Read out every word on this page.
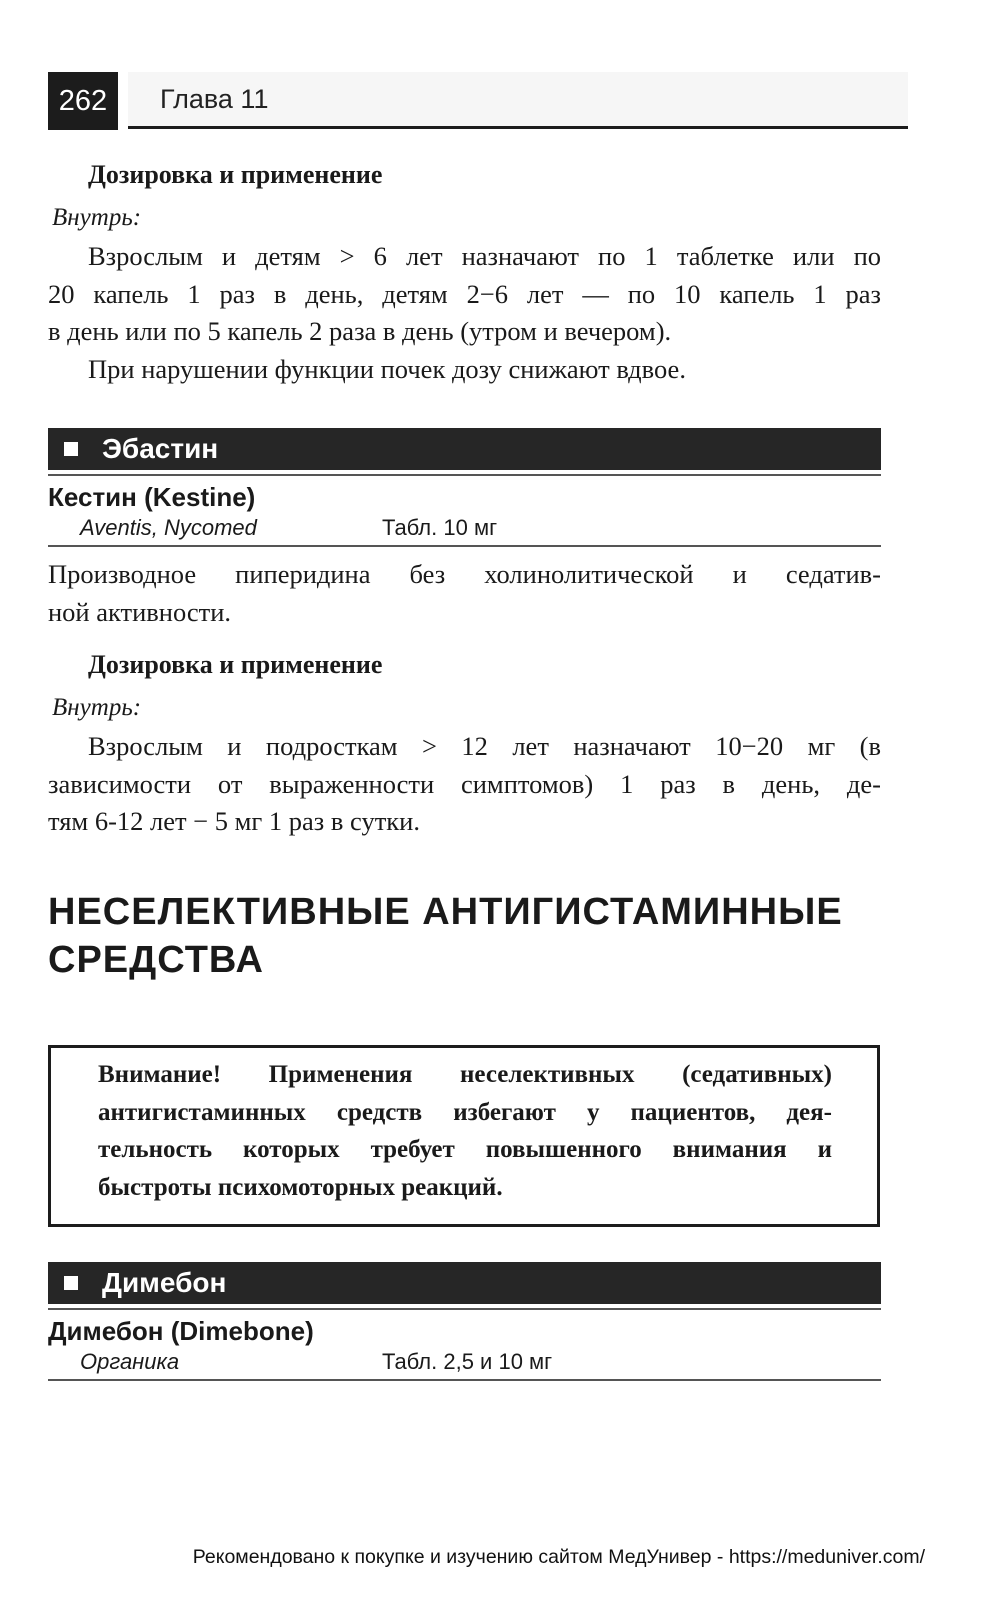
262	Глава 11
Дозировка и применение
Внутрь:
Взрослым и детям > 6 лет назначают по 1 таблетке или по
20 капель 1 раз в день, детям 2−6 лет — по 10 капель 1 раз
в день или по 5 капель 2 раза в день (утром и вечером).
При нарушении функции почек дозу снижают вдвое.
Эбастин
Кестин (Kestine)
Aventis, Nycomed	Табл. 10 мг
Производное пиперидина без холинолитической и седатив-
ной активности.
Дозировка и применение
Внутрь:
Взрослым и подросткам > 12 лет назначают 10−20 мг (в
зависимости от выраженности симптомов) 1 раз в день, де-
тям 6-12 лет − 5 мг 1 раз в сутки.
НЕСЕЛЕКТИВНЫЕ АНТИГИСТАМИННЫЕ
СРЕДСТВА
Внимание! Применения неселективных (седативных)
антигистаминных средств избегают у пациентов, дея-
тельность которых требует повышенного внимания и
быстроты психомоторных реакций.
Димебон
Димебон (Dimebone)
Органика	Табл. 2,5 и 10 мг
Рекомендовано к покупке и изучению сайтом МедУнивер - https://meduniver.com/
